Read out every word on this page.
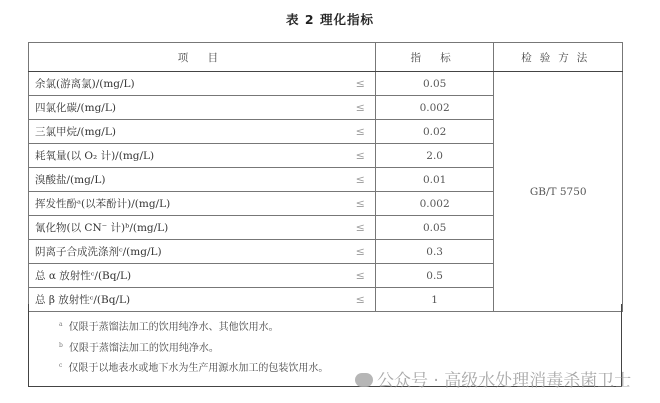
表 2 理化指标
项 目	指 标	检验方法

余氯(游离氯)/(mg/L) ≤	0.05	GB/T 5750

四氯化碳/(mg/L) ≤	0.002	

三氯甲烷/(mg/L) ≤	0.02	

耗氧量(以 O₂ 计)/(mg/L) ≤	2.0	

溴酸盐/(mg/L) ≤	0.01	

挥发性酚ᵃ(以苯酚计)/(mg/L) ≤	0.002	

氰化物(以 CN⁻ 计)ᵇ/(mg/L) ≤	0.05	

阴离子合成洗涤剂ᶜ/(mg/L) ≤	0.3	

总 α 放射性ᶜ/(Bq/L) ≤	0.5	

总 β 放射性ᶜ/(Bq/L) ≤	1	
$^a$ 仅限于蒸馏法加工的饮用纯净水、其他饮用水。
$^b$ 仅限于蒸馏法加工的饮用纯净水。
$^c$ 仅限于以地表水或地下水为生产用源水加工的包装饮用水。
公众号 · 高级水处理消毒杀菌卫士
